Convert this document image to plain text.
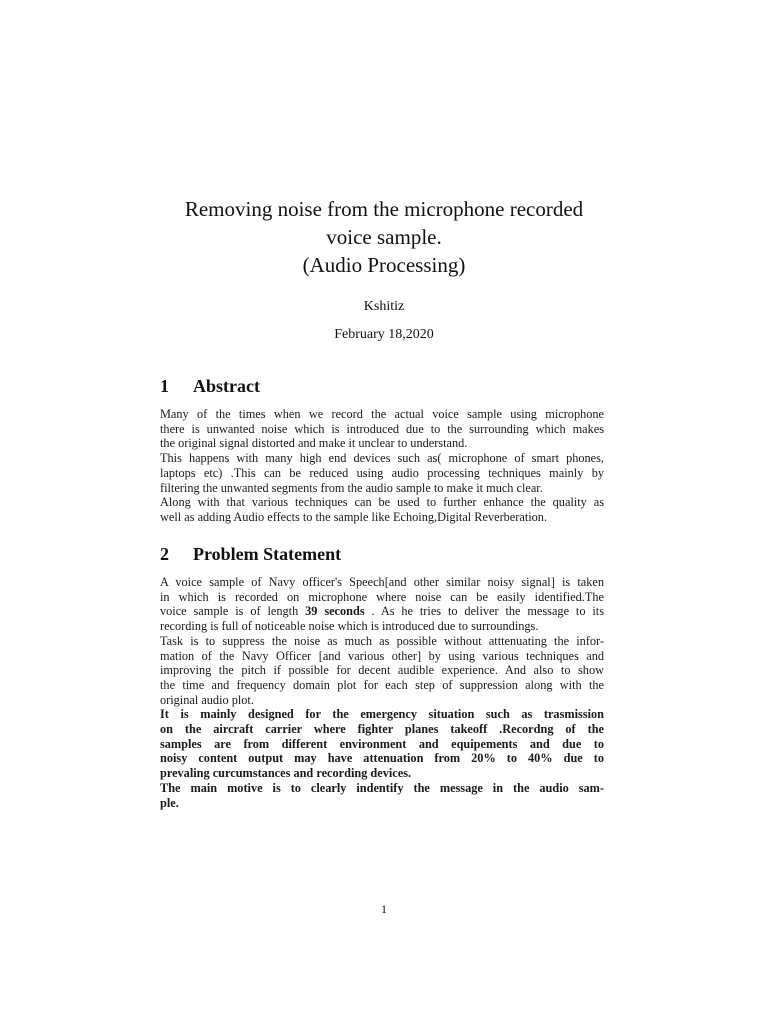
Removing noise from the microphone recorded
voice sample.
(Audio Processing)
Kshitiz
February 18,2020
1 Abstract
Many of the times when we record the actual voice sample using microphone
there is unwanted noise which is introduced due to the surrounding which makes
the original signal distorted and make it unclear to understand.
This happens with many high end devices such as( microphone of smart phones,
laptops etc) .This can be reduced using audio processing techniques mainly by
filtering the unwanted segments from the audio sample to make it much clear.
Along with that various techniques can be used to further enhance the quality as
well as adding Audio effects to the sample like Echoing,Digital Reverberation.
2 Problem Statement
A voice sample of Navy officer's Speech[and other similar noisy signal] is taken
in which is recorded on microphone where noise can be easily identified.The
voice sample is of length 39 seconds . As he tries to deliver the message to its
recording is full of noticeable noise which is introduced due to surroundings.
Task is to suppress the noise as much as possible without atttenuating the infor-
mation of the Navy Officer [and various other] by using various techniques and
improving the pitch if possible for decent audible experience. And also to show
the time and frequency domain plot for each step of suppression along with the
original audio plot.
It is mainly designed for the emergency situation such as trasmission
on the aircraft carrier where fighter planes takeoff .Recordng of the
samples are from different environment and equipements and due to
noisy content output may have attenuation from 20% to 40% due to
prevaling curcumstances and recording devices.
The main motive is to clearly indentify the message in the audio sam-
ple.
1
